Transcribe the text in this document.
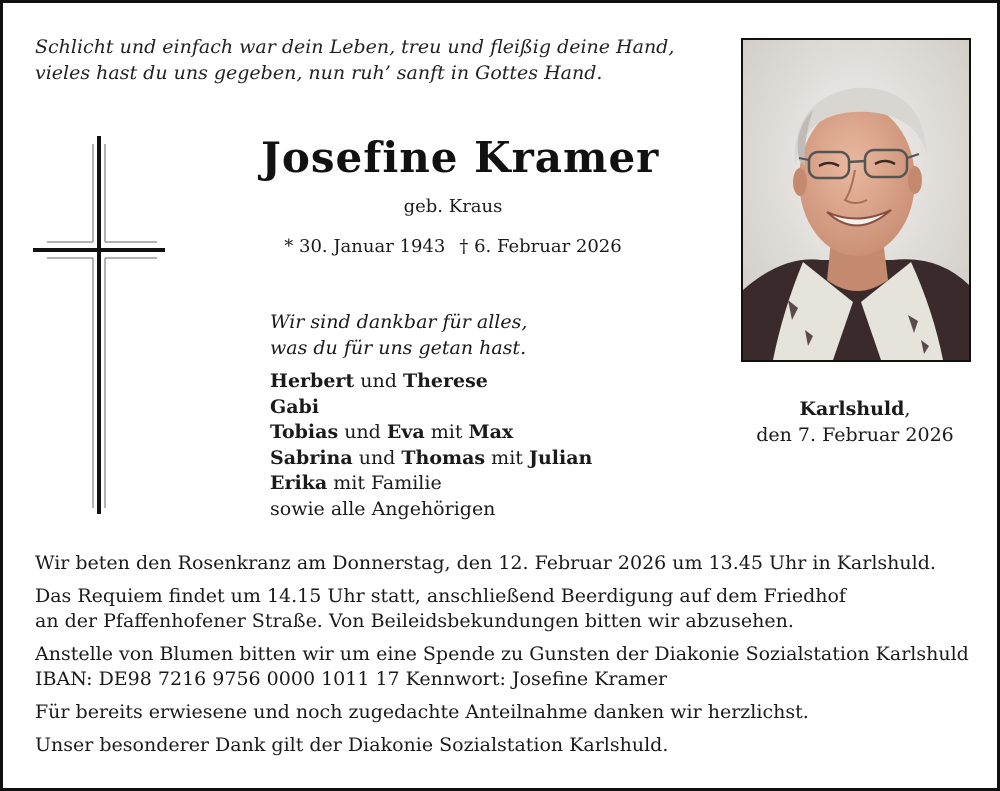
Schlicht und einfach war dein Leben, treu und fleißig deine Hand,
vieles hast du uns gegeben, nun ruh’ sanft in Gottes Hand.
Josefine Kramer
geb. Kraus
* 30. Januar 1943 † 6. Februar 2026
Wir sind dankbar für alles,
was du für uns getan hast.
Herbert und Therese
Gabi
Tobias und Eva mit Max
Sabrina und Thomas mit Julian
Erika mit Familie
sowie alle Angehörigen
Karlshuld,
den 7. Februar 2026
Wir beten den Rosenkranz am Donnerstag, den 12. Februar 2026 um 13.45 Uhr in Karlshuld.
Das Requiem findet um 14.15 Uhr statt, anschließend Beerdigung auf dem Friedhof
an der Pfaffenhofener Straße. Von Beileidsbekundungen bitten wir abzusehen.
Anstelle von Blumen bitten wir um eine Spende zu Gunsten der Diakonie Sozialstation Karlshuld
IBAN: DE98 7216 9756 0000 1011 17 Kennwort: Josefine Kramer
Für bereits erwiesene und noch zugedachte Anteilnahme danken wir herzlichst.
Unser besonderer Dank gilt der Diakonie Sozialstation Karlshuld.
